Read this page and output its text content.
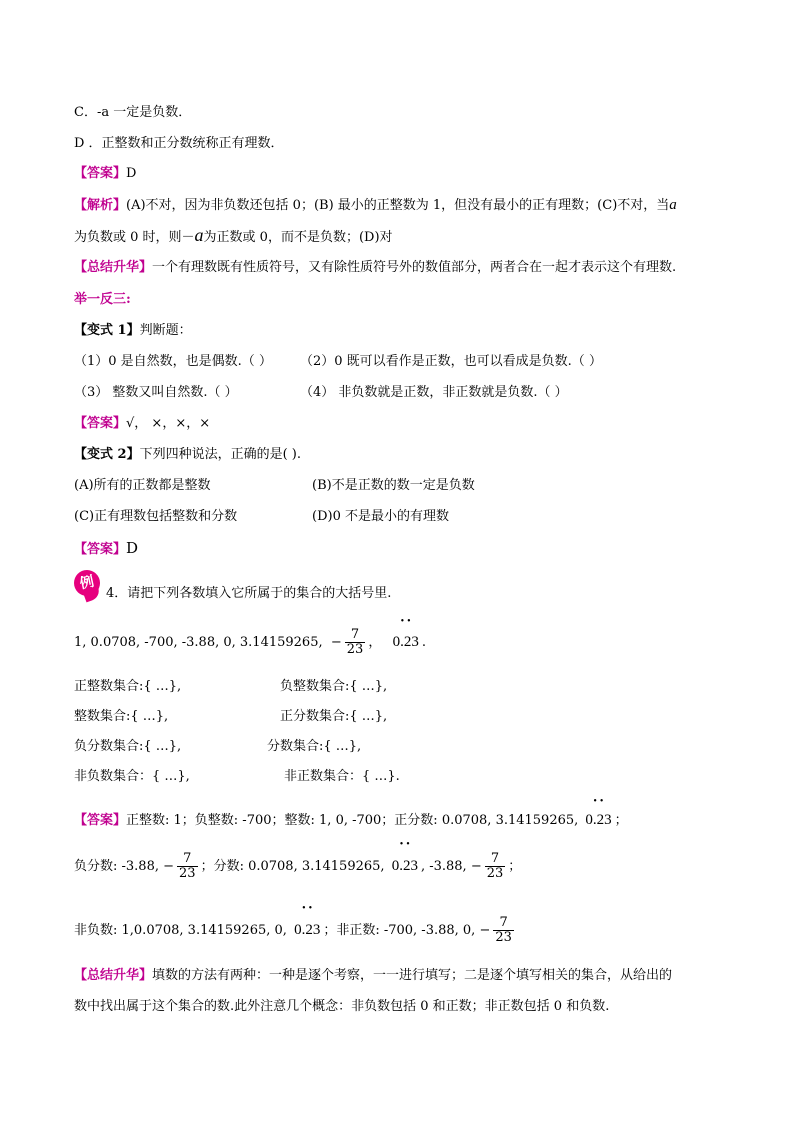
C．-a 一定是负数．
D ．正整数和正分数统称正有理数．
【答案】D
【解析】(A)不对，因为非负数还包括 0；(B) 最小的正整数为 1，但没有最小的正有理数；(C)不对，当a
为负数或 0 时，则－a为正数或 0，而不是负数；(D)对
【总结升华】一个有理数既有性质符号，又有除性质符号外的数值部分，两者合在一起才表示这个有理数.
举一反三:
【变式 1】判断题：
（1）0 是自然数，也是偶数.（ ） （2）0 既可以看作是正数，也可以看成是负数.（ ）
（3） 整数又叫自然数.（ ）	（4） 非负数就是正数，非正数就是负数.（ ）
【答案】√， ×，×，×
【变式 2】下列四种说法，正确的是( ).
(A)所有的正数都是整数	(B)不是正数的数一定是负数
(C)正有理数包括整数和分数	(D)0 不是最小的有理数
【答案】D
例
4．请把下列各数填入它所属于的集合的大括号里.
1, 0.0708, -700, -3.88, 0, 3.14159265, − $\frac{7}{23}$ ，
••
0.23 .
正整数集合:{ …},	负整数集合:{ …},
整数集合:{ …},	正分数集合:{ …},
负分数集合:{ …},	分数集合:{ …},
非负数集合：{ …},	非正数集合：{ …}.
【答案】正整数: 1；负整数: -700；整数: 1, 0, -700；正分数: 0.0708, 3.14159265,
••
0.23 ；
负分数: -3.88, − $\frac{7}{23}$ ；分数: 0.0708, 3.14159265,
••
0.23 , -3.88, − $\frac{7}{23}$ ；
非负数: 1,0.0708, 3.14159265, 0,
••
0.23 ；非正数: -700, -3.88, 0, − $\frac{7}{23}$
【总结升华】填数的方法有两种：一种是逐个考察，一一进行填写；二是逐个填写相关的集合，从给出的
数中找出属于这个集合的数.此外注意几个概念：非负数包括 0 和正数；非正数包括 0 和负数.
